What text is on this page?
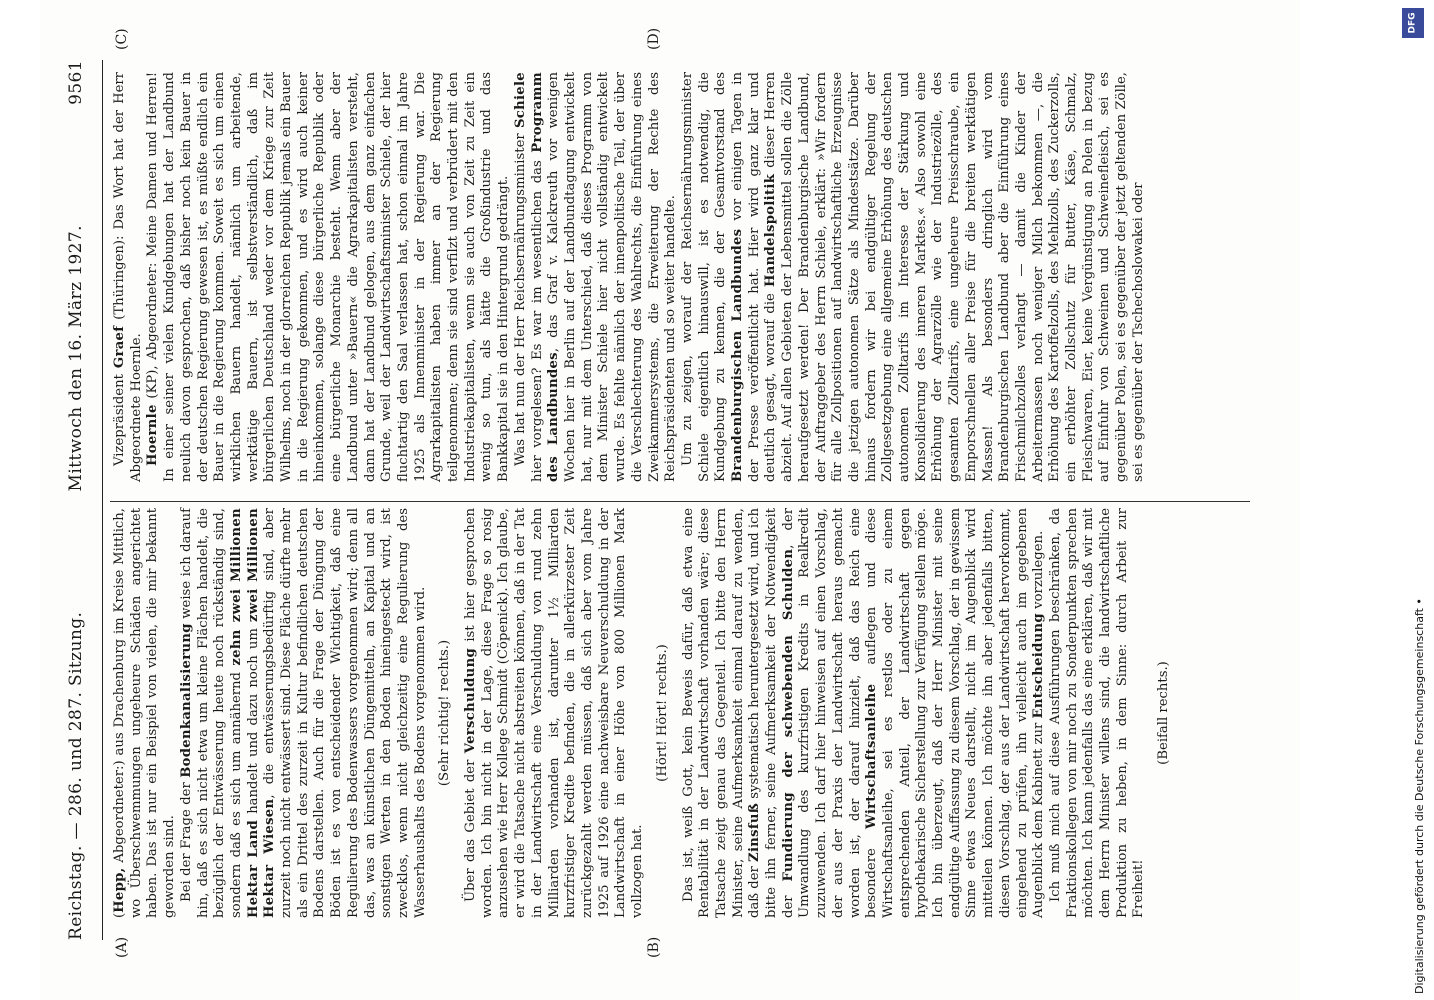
Reichstag. — 286. und 287. Sitzung.
Mittwoch den 16. März 1927.
9561
(A)	(B)
(C)	(D)

(Hepp, Abgeordneter:) aus Drachenburg im Kreise Mittlich, wo Überschwemmungen ungeheure Schäden angerichtet haben. Das ist nur ein Beispiel von vielen, die mir bekannt geworden sind. Bei der Frage der Bodenkanalisierung weise ich darauf hin, daß es sich nicht etwa um kleine Flächen handelt, die bezüglich der Entwässerung heute noch rückständig sind, sondern daß es sich um annähernd zehn zwei Millionen Hektar Land handelt und dazu noch um zwei Millionen Hektar Wiesen, die entwässerungsbedürftig sind, aber zurzeit noch nicht entwässert sind. Diese Fläche dürfte mehr als ein Drittel des zurzeit in Kultur befindlichen deutschen Bodens darstellen. Auch für die Frage der Düngung der Böden ist es von entscheidender Wichtigkeit, daß eine Regulierung des Bodenwassers vorgenommen wird; denn all das, was an künstlichen Düngemitteln, an Kapital und an sonstigen Werten in den Boden hineingesteckt wird, ist zwecklos, wenn nicht gleichzeitig eine Regulierung des Wasserhaushalts des Bodens vorgenommen wird. (Sehr richtig! rechts.)

Über das Gebiet der Verschuldung ist hier gesprochen worden. Ich bin nicht in der Lage, diese Frage so rosig anzusehen wie Herr Kollege Schmidt (Cöpenick). Ich glaube, er wird die Tatsache nicht abstreiten können, daß in der Tat in der Landwirtschaft eine Verschuldung von rund zehn Milliarden vorhanden ist, darunter 1½ Milliarden kurzfristiger Kredite befinden, die in allerkürzester Zeit zurückgezahlt werden müssen, daß sich aber vom Jahre 1925 auf 1926 eine nachweisbare Neuverschuldung in der Landwirtschaft in einer Höhe von 800 Millionen Mark vollzogen hat.

(Hört! Hört! rechts.) Das ist, weiß Gott, kein Beweis dafür, daß etwa eine Rentabilität in der Landwirtschaft vorhanden wäre; diese Tatsache zeigt genau das Gegenteil. Ich bitte den Herrn Minister, seine Aufmerksamkeit einmal darauf zu wenden, daß der Zinsfuß systematisch heruntergesetzt wird, und ich bitte ihn ferner, seine Aufmerksamkeit der Notwendigkeit der Fundierung der schwebenden Schulden, der Umwandlung des kurzfristigen Kredits in Realkredit zuzuwenden. Ich darf hier hinweisen auf einen Vorschlag, der aus der Praxis der Landwirtschaft heraus gemacht worden ist, der darauf hinzielt, daß das Reich eine besondere Wirtschaftsanleihe auflegen und diese Wirtschaftsanleihe, sei es restlos oder zu einem entsprechenden Anteil, der Landwirtschaft gegen hypothekarische Sicherstellung zur Verfügung stellen möge. Ich bin überzeugt, daß der Herr Minister mit seine endgültige Auffassung zu diesem Vorschlag, der in gewissem Sinne etwas Neues darstellt, nicht im Augenblick wird mitteilen können. Ich möchte ihn aber jedenfalls bitten, diesen Vorschlag, der aus der Landwirtschaft hervorkommt, eingehend zu prüfen, ihn vielleicht auch im gegebenen Augenblick dem Kabinett zur Entscheidung vorzulegen. Ich muß mich auf diese Ausführungen beschränken, da Fraktionskollegen von mir noch zu Sonderpunkten sprechen möchten. Ich kann jedenfalls das eine erklären, daß wir mit dem Herrn Minister willens sind, die landwirtschaftliche Produktion zu heben, in dem Sinne: durch Arbeit zur Freiheit!

(Beifall rechts.)

Vizepräsident Graef (Thüringen): Das Wort hat der Herr Abgeordnete Hoernle. Hoernle (KP), Abgeordneter: Meine Damen und Herren! In einer seiner vielen Kundgebungen hat der Landbund neulich davon gesprochen, daß bisher noch kein Bauer in der deutschen Regierung gewesen ist, es müßte endlich ein Bauer in die Regierung kommen. Soweit es sich um einen wirklichen Bauern handelt, nämlich um arbeitende, werktätige Bauern, ist selbstverständlich, daß im bürgerlichen Deutschland weder vor dem Kriege zur Zeit Wilhelms, noch in der glorreichen Republik jemals ein Bauer in die Regierung gekommen, und es wird auch keiner hineinkommen, solange diese bürgerliche Republik oder eine bürgerliche Monarchie besteht. Wenn aber der Landbund unter »Bauern« die Agrarkapitalisten versteht, dann hat der Landbund gelogen, aus dem ganz einfachen Grunde, weil der Landwirtschaftsminister Schiele, der hier fluchtartig den Saal verlassen hat, schon einmal im Jahre 1925 als Innenminister in der Regierung war. Die Agrarkapitalisten haben immer an der Regierung teilgenommen; denn sie sind verfilzt und verbrüdert mit den Industriekapitalisten, wenn sie auch von Zeit zu Zeit ein wenig so tun, als hätte die Großindustrie und das Bankkapital sie in den Hintergrund gedrängt. Was hat nun der Herr Reichsernährungsminister Schiele hier vorgelesen? Es war im wesentlichen das Programm des Landbundes, das Graf v. Kalckreuth vor wenigen Wochen hier in Berlin auf der Landbundtagung entwickelt hat, nur mit dem Unterschied, daß dieses Programm von dem Minister Schiele hier nicht vollständig entwickelt wurde. Es fehlte nämlich der innenpolitische Teil, der über die Verschlechterung des Wahlrechts, die Einführung eines Zweikammersystems, die Erweiterung der Rechte des Reichspräsidenten und so weiter handelte. Um zu zeigen, worauf der Reichsernährungsminister Schiele eigentlich hinauswill, ist es notwendig, die Kundgebung zu kennen, die der Gesamtvorstand des Brandenburgischen Landbundes vor einigen Tagen in der Presse veröffentlicht hat. Hier wird ganz klar und deutlich gesagt, worauf die Handelspolitik dieser Herren abzielt. Auf allen Gebieten der Lebensmittel sollen die Zölle heraufgesetzt werden! Der Brandenburgische Landbund, der Auftraggeber des Herrn Schiele, erklärt: »Wir fordern für alle Zollpositionen auf landwirtschaftliche Erzeugnisse die jetzigen autonomen Sätze als Mindestsätze. Darüber hinaus fordern wir bei endgültiger Regelung der Zollgesetzgebung eine allgemeine Erhöhung des deutschen autonomen Zolltarifs im Interesse der Stärkung und Konsolidierung des inneren Marktes.« Also sowohl eine Erhöhung der Agrarzölle wie der Industriezölle, des gesamten Zolltarifs, eine ungeheure Preisschraube, ein Emporschnellen aller Preise für die breiten werktätigen Massen! Als besonders dringlich wird vom Brandenburgischen Landbund aber die Einführung eines Frischmilchzolles verlangt — damit die Kinder der Arbeitermassen noch weniger Milch bekommen —, die Erhöhung des Kartoffelzolls, des Mehlzolls, des Zuckerzolls, ein erhöhter Zollschutz für Butter, Käse, Schmalz, Fleischwaren, Eier, keine Vergünstigung an Polen in bezug auf Einfuhr von Schweinen und Schweinefleisch, sei es gegenüber Polen, sei es gegenüber der jetzt geltenden Zölle, sei es gegenüber der Tschechoslowakei oder

Digitalisierung gefördert durch die Deutsche Forschungsgemeinschaft •
DFG
